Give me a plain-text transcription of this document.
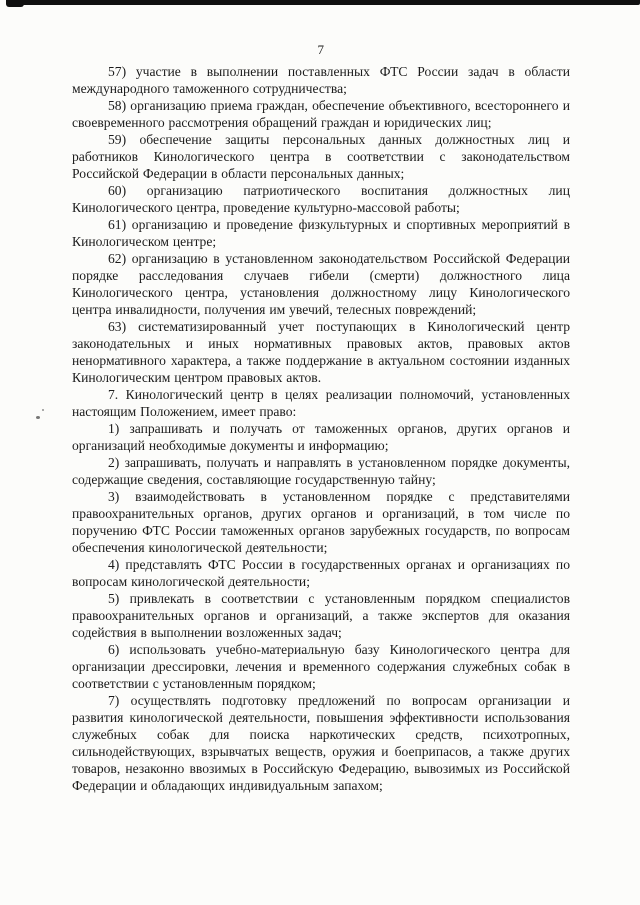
7

57) участие в выполнении поставленных ФТС России задач в области международного таможенного сотрудничества;

58) организацию приема граждан, обеспечение объективного, всестороннего и своевременного рассмотрения обращений граждан и юридических лиц;

59) обеспечение защиты персональных данных должностных лиц и работников Кинологического центра в соответствии с законодательством Российской Федерации в области персональных данных;

60) организацию патриотического воспитания должностных лиц Кинологического центра, проведение культурно-массовой работы;

61) организацию и проведение физкультурных и спортивных мероприятий в Кинологическом центре;

62) организацию в установленном законодательством Российской Федерации порядке расследования случаев гибели (смерти) должностного лица Кинологического центра, установления должностному лицу Кинологического центра инвалидности, получения им увечий, телесных повреждений;

63) систематизированный учет поступающих в Кинологический центр законодательных и иных нормативных правовых актов, правовых актов ненормативного характера, а также поддержание в актуальном состоянии изданных Кинологическим центром правовых актов.

7. Кинологический центр в целях реализации полномочий, установленных настоящим Положением, имеет право:

1) запрашивать и получать от таможенных органов, других органов и организаций необходимые документы и информацию;

2) запрашивать, получать и направлять в установленном порядке документы, содержащие сведения, составляющие государственную тайну;

3) взаимодействовать в установленном порядке с представителями правоохранительных органов, других органов и организаций, в том числе по поручению ФТС России таможенных органов зарубежных государств, по вопросам обеспечения кинологической деятельности;

4) представлять ФТС России в государственных органах и организациях по вопросам кинологической деятельности;

5) привлекать в соответствии с установленным порядком специалистов правоохранительных органов и организаций, а также экспертов для оказания содействия в выполнении возложенных задач;

6) использовать учебно-материальную базу Кинологического центра для организации дрессировки, лечения и временного содержания служебных собак в соответствии с установленным порядком;

7) осуществлять подготовку предложений по вопросам организации и развития кинологической деятельности, повышения эффективности использования служебных собак для поиска наркотических средств, психотропных, сильнодействующих, взрывчатых веществ, оружия и боеприпасов, а также других товаров, незаконно ввозимых в Российскую Федерацию, вывозимых из Российской Федерации и обладающих индивидуальным запахом;
